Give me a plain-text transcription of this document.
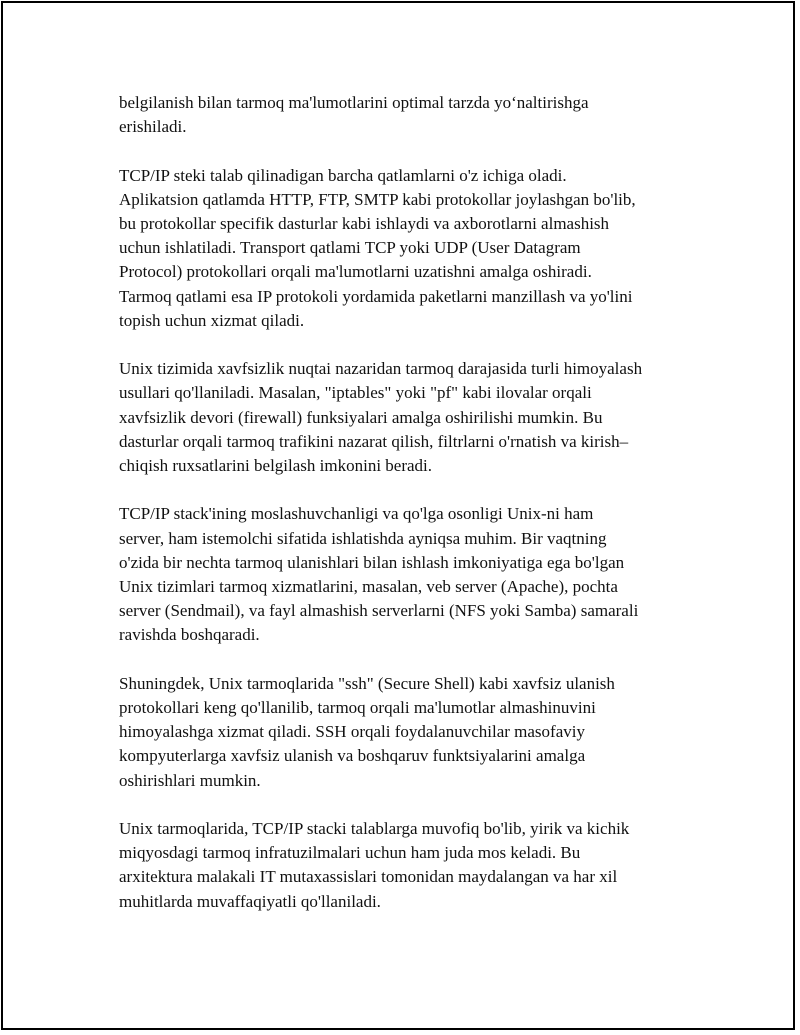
belgilanish bilan tarmoq ma'lumotlarini optimal tarzda yo‘naltirishga
erishiladi.

TCP/IP steki talab qilinadigan barcha qatlamlarni o'z ichiga oladi.
Aplikatsion qatlamda HTTP, FTP, SMTP kabi protokollar joylashgan bo'lib,
bu protokollar specifik dasturlar kabi ishlaydi va axborotlarni almashish
uchun ishlatiladi. Transport qatlami TCP yoki UDP (User Datagram
Protocol) protokollari orqali ma'lumotlarni uzatishni amalga oshiradi.
Tarmoq qatlami esa IP protokoli yordamida paketlarni manzillash va yo'lini
topish uchun xizmat qiladi.

Unix tizimida xavfsizlik nuqtai nazaridan tarmoq darajasida turli himoyalash
usullari qo'llaniladi. Masalan, "iptables" yoki "pf" kabi ilovalar orqali
xavfsizlik devori (firewall) funksiyalari amalga oshirilishi mumkin. Bu
dasturlar orqali tarmoq trafikini nazarat qilish, filtrlarni o'rnatish va kirish–
chiqish ruxsatlarini belgilash imkonini beradi.

TCP/IP stack'ining moslashuvchanligi va qo'lga osonligi Unix-ni ham
server, ham istemolchi sifatida ishlatishda ayniqsa muhim. Bir vaqtning
o'zida bir nechta tarmoq ulanishlari bilan ishlash imkoniyatiga ega bo'lgan
Unix tizimlari tarmoq xizmatlarini, masalan, veb server (Apache), pochta
server (Sendmail), va fayl almashish serverlarni (NFS yoki Samba) samarali
ravishda boshqaradi.

Shuningdek, Unix tarmoqlarida "ssh" (Secure Shell) kabi xavfsiz ulanish
protokollari keng qo'llanilib, tarmoq orqali ma'lumotlar almashinuvini
himoyalashga xizmat qiladi. SSH orqali foydalanuvchilar masofaviy
kompyuterlarga xavfsiz ulanish va boshqaruv funktsiyalarini amalga
oshirishlari mumkin.

Unix tarmoqlarida, TCP/IP stacki talablarga muvofiq bo'lib, yirik va kichik
miqyosdagi tarmoq infratuzilmalari uchun ham juda mos keladi. Bu
arxitektura malakali IT mutaxassislari tomonidan maydalangan va har xil
muhitlarda muvaffaqiyatli qo'llaniladi.
